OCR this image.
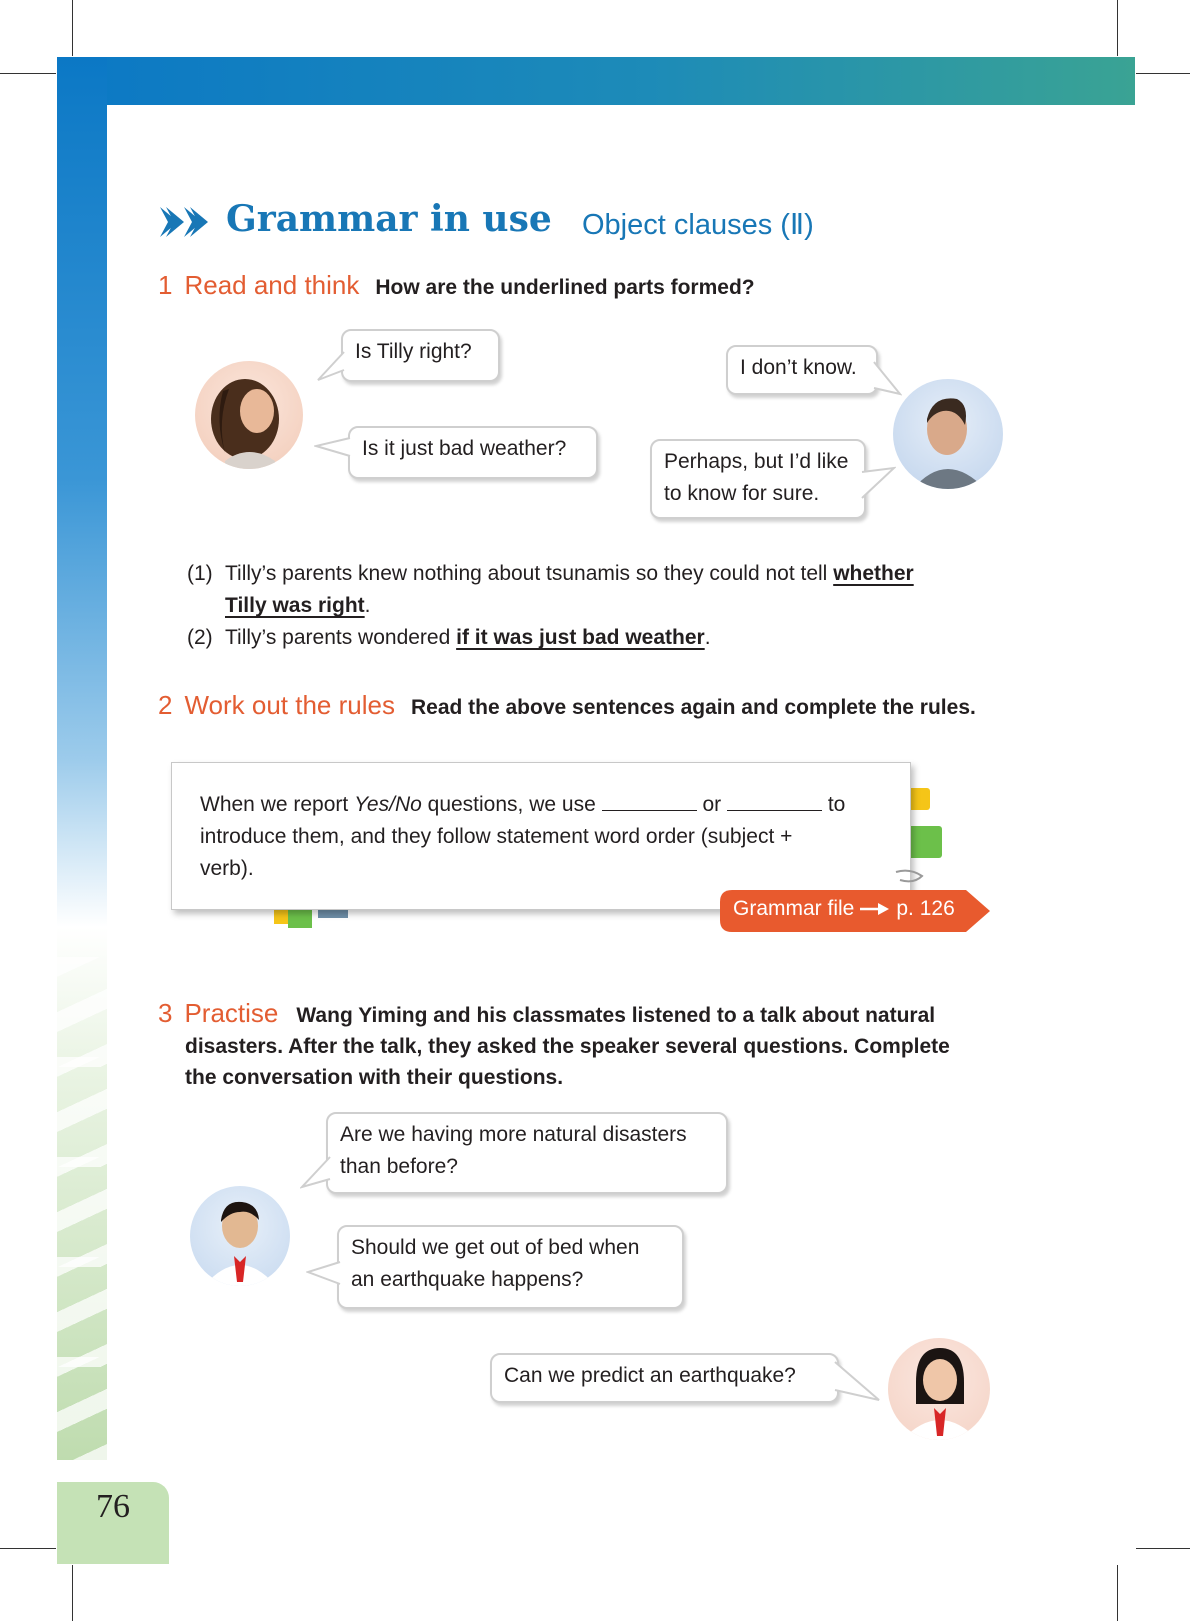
Grammar in use Object clauses (Ⅱ)
1 Read and think How are the underlined parts formed?
Is Tilly right?
Is it just bad weather?
I don’t know.
Perhaps, but I’d like
to know for sure.
(1) Tilly’s parents knew nothing about tsunamis so they could not tell whether
Tilly was right.
(2) Tilly’s parents wondered if it was just bad weather.
2 Work out the rules Read the above sentences again and complete the rules.
When we report Yes/No questions, we use	or	to
introduce them, and they follow statement word order (subject +
verb).
Grammar file p. 126
3 Practise Wang Yiming and his classmates listened to a talk about natural
disasters. After the talk, they asked the speaker several questions. Complete
the conversation with their questions.
Are we having more natural disasters
than before?
Should we get out of bed when
an earthquake happens?
Can we predict an earthquake?
76
